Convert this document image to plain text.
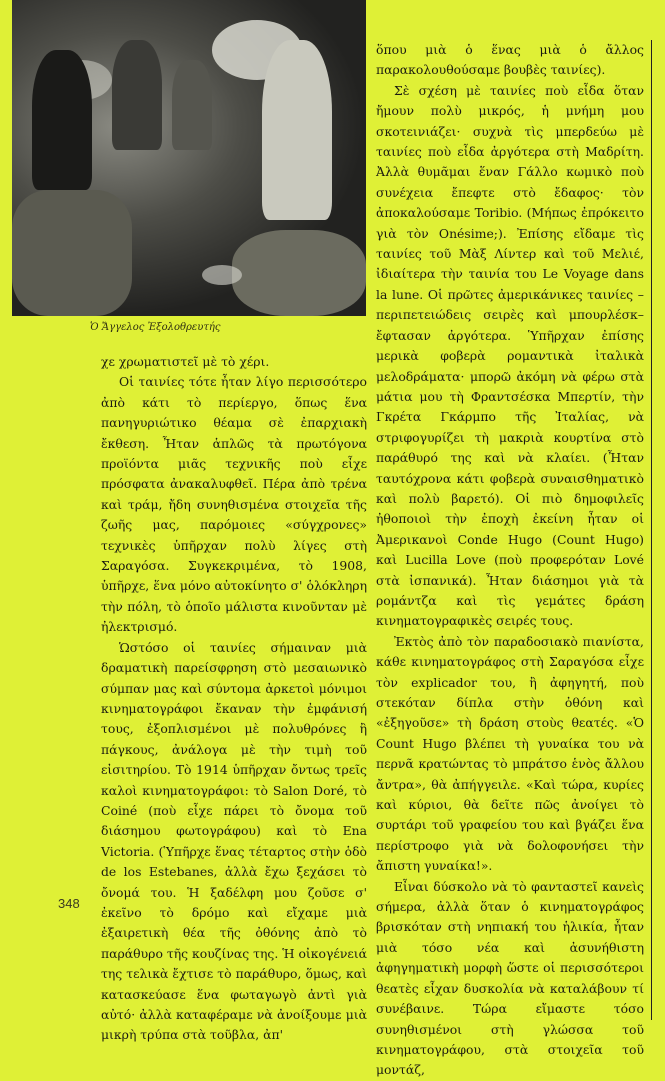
Ὁ Ἄγγελος Ἐξολοθρευτής

χε χρωματιστεῖ μὲ τὸ χέρι.

Οἱ ταινίες τότε ἦταν λίγο περισσότερο ἀπὸ κάτι τὸ περίεργο, ὅπως ἕνα πανηγυριώτικο θέαμα σὲ ἐπαρχιακὴ ἔκθεση. Ἦταν ἁπλῶς τὰ πρωτόγονα προϊόντα μιᾶς τεχνικῆς ποὺ εἶχε πρόσφατα ἀνακαλυφθεῖ. Πέρα ἀπὸ τρένα καὶ τράμ, ἤδη συνηθισμένα στοιχεῖα τῆς ζωῆς μας, παρόμοιες «σύγχρονες» τεχνικὲς ὑπῆρχαν πολὺ λίγες στὴ Σαραγόσα. Συγκεκριμένα, τὸ 1908, ὑπῆρχε, ἕνα μόνο αὐτοκίνητο σ' ὁλόκληρη τὴν πόλη, τὸ ὁποῖο μάλιστα κινοῦνταν μὲ ἠλεκτρισμό.

Ὡστόσο οἱ ταινίες σήμαιναν μιὰ δραματικὴ παρείσφρηση στὸ μεσαιωνικὸ σύμπαν μας καὶ σύντομα ἀρκετοὶ μόνιμοι κινηματογράφοι ἔκαναν τὴν ἐμφάνισή τους, ἐξοπλισμένοι μὲ πολυθρόνες ἢ πάγκους, ἀνάλογα μὲ τὴν τιμὴ τοῦ εἰσιτηρίου. Τὸ 1914 ὑπῆρχαν ὄντως τρεῖς καλοὶ κινηματογράφοι: τὸ Salon Doré, τὸ Coiné (ποὺ εἶχε πάρει τὸ ὄνομα τοῦ διάσημου φωτογράφου) καὶ τὸ Ena Victoria. (Ὑπῆρχε ἕνας τέταρτος στὴν ὁδὸ de los Estebanes, ἀλλὰ ἔχω ξεχάσει τὸ ὄνομά του. Ἡ ξαδέλφη μου ζοῦσε σ' ἐκεῖνο τὸ δρόμο καὶ εἴχαμε μιὰ ἐξαιρετικὴ θέα τῆς ὀθόνης ἀπὸ τὸ παράθυρο τῆς κουζίνας της. Ἡ οἰκογένειά της τελικὰ ἔχτισε τὸ παράθυρο, ὅμως, καὶ κατασκεύασε ἕνα φωταγωγὸ ἀντὶ γιὰ αὐτό· ἀλλὰ καταφέραμε νὰ ἀνοίξουμε μιὰ μικρὴ τρύπα στὰ τοῦβλα, ἀπ'

ὅπου μιὰ ὁ ἕνας μιὰ ὁ ἄλλος παρακολουθούσαμε βουβὲς ταινίες).

Σὲ σχέση μὲ ταινίες ποὺ εἶδα ὅταν ἤμουν πολὺ μικρός, ἡ μνήμη μου σκοτεινιάζει· συχνὰ τὶς μπερδεύω μὲ ταινίες ποὺ εἶδα ἀργότερα στὴ Μαδρίτη. Ἀλλὰ θυμᾶμαι ἕναν Γάλλο κωμικὸ ποὺ συνέχεια ἔπεφτε στὸ ἔδαφος· τὸν ἀποκαλούσαμε Toribio. (Μήπως ἐπρόκειτο γιὰ τὸν Onésime;). Ἐπίσης εἴδαμε τὶς ταινίες τοῦ Μὰξ Λίντερ καὶ τοῦ Μελιέ, ἰδιαίτερα τὴν ταινία του Le Voyage dans la lune. Οἱ πρῶτες ἀμερικάνικες ταινίες –περιπετειώδεις σειρὲς καὶ μπουρλέσκ– ἔφτασαν ἀργότερα. Ὑπῆρχαν ἐπίσης μερικὰ φοβερὰ ρομαντικὰ ἰταλικὰ μελοδράματα· μπορῶ ἀκόμη νὰ φέρω στὰ μάτια μου τὴ Φραντσέσκα Μπερτίν, τὴν Γκρέτα Γκάρμπο τῆς Ἰταλίας, νὰ στριφογυρίζει τὴ μακριὰ κουρτίνα στὸ παράθυρό της καὶ νὰ κλαίει. (Ἦταν ταυτόχρονα κάτι φοβερὰ συναισθηματικὸ καὶ πολὺ βαρετό). Οἱ πιὸ δημοφιλεῖς ἠθοποιοὶ τὴν ἐποχὴ ἐκείνη ἦταν οἱ Ἀμερικανοὶ Conde Hugo (Count Hugo) καὶ Lucilla Love (ποὺ προφερόταν Lové στὰ ἰσπανικά). Ἦταν διάσημοι γιὰ τὰ ρομάντζα καὶ τὶς γεμάτες δράση κινηματογραφικὲς σειρές τους.

Ἐκτὸς ἀπὸ τὸν παραδοσιακὸ πιανίστα, κάθε κινηματογράφος στὴ Σαραγόσα εἶχε τὸν explicador του, ἢ ἀφηγητή, ποὺ στεκόταν δίπλα στὴν ὀθόνη καὶ «ἐξηγοῦσε» τὴ δράση στοὺς θεατές. «Ὁ Count Hugo βλέπει τὴ γυναίκα του νὰ περνᾶ κρατώντας τὸ μπράτσο ἑνὸς ἄλλου ἄντρα», θὰ ἀπήγγειλε. «Καὶ τώρα, κυρίες καὶ κύριοι, θὰ δεῖτε πῶς ἀνοίγει τὸ συρτάρι τοῦ γραφείου του καὶ βγάζει ἕνα περίστροφο γιὰ νὰ δολοφονήσει τὴν ἄπιστη γυναίκα!».

Εἶναι δύσκολο νὰ τὸ φανταστεῖ κανεὶς σήμερα, ἀλλὰ ὅταν ὁ κινηματογράφος βρισκόταν στὴ νηπιακή του ἡλικία, ἦταν μιὰ τόσο νέα καὶ ἀσυνήθιστη ἀφηγηματικὴ μορφὴ ὥστε οἱ περισσότεροι θεατὲς εἶχαν δυσκολία νὰ καταλάβουν τί συνέβαινε. Τώρα εἴμαστε τόσο συνηθισμένοι στὴ γλώσσα τοῦ κινηματογράφου, στὰ στοιχεῖα τοῦ μοντάζ,

348
